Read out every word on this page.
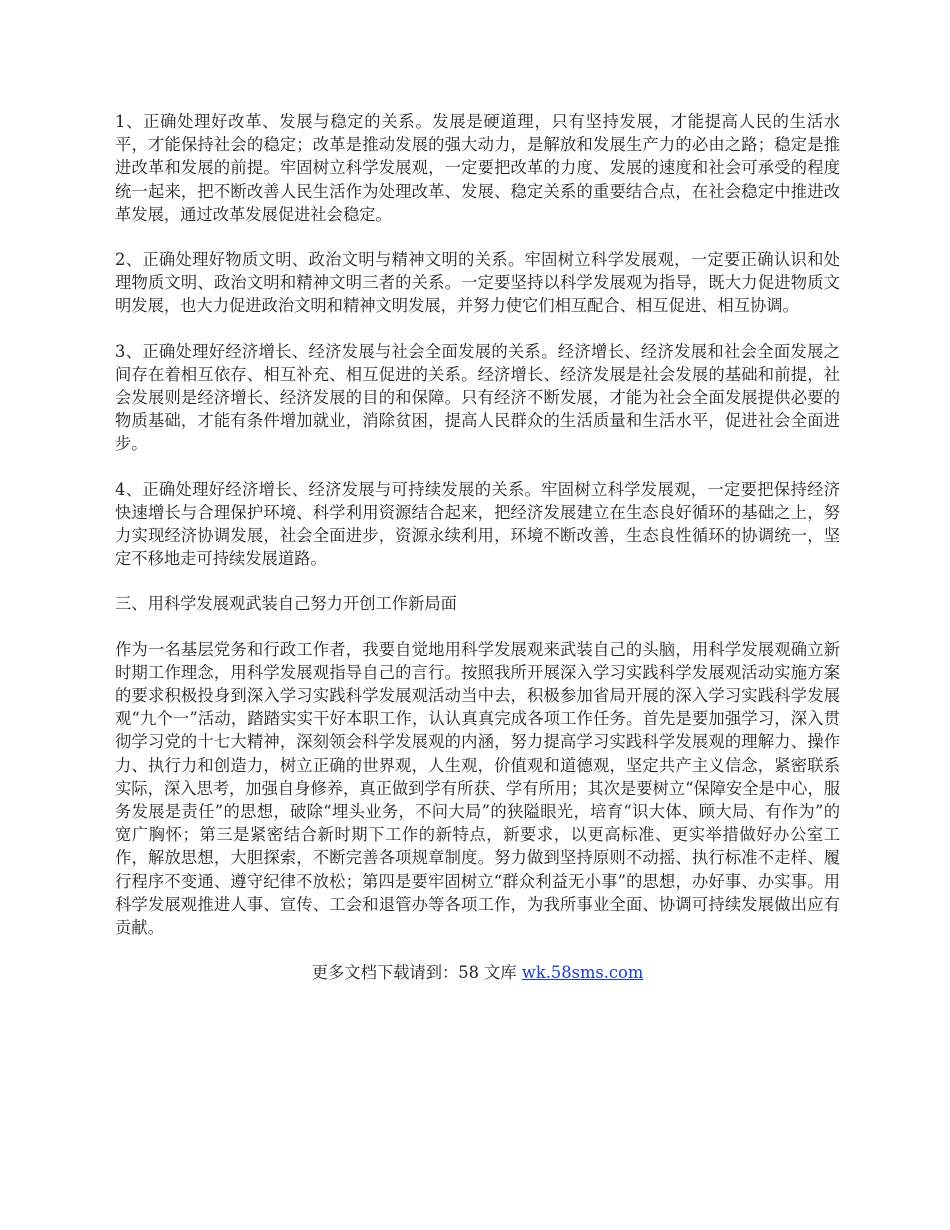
1、正确处理好改革、发展与稳定的关系。发展是硬道理，只有坚持发展，才能提高人民的生活水平，才能保持社会的稳定；改革是推动发展的强大动力，是解放和发展生产力的必由之路；稳定是推进改革和发展的前提。牢固树立科学发展观，一定要把改革的力度、发展的速度和社会可承受的程度统一起来，把不断改善人民生活作为处理改革、发展、稳定关系的重要结合点，在社会稳定中推进改革发展，通过改革发展促进社会稳定。

2、正确处理好物质文明、政治文明与精神文明的关系。牢固树立科学发展观，一定要正确认识和处理物质文明、政治文明和精神文明三者的关系。一定要坚持以科学发展观为指导，既大力促进物质文明发展，也大力促进政治文明和精神文明发展，并努力使它们相互配合、相互促进、相互协调。

3、正确处理好经济增长、经济发展与社会全面发展的关系。经济增长、经济发展和社会全面发展之间存在着相互依存、相互补充、相互促进的关系。经济增长、经济发展是社会发展的基础和前提，社会发展则是经济增长、经济发展的目的和保障。只有经济不断发展，才能为社会全面发展提供必要的物质基础，才能有条件增加就业，消除贫困，提高人民群众的生活质量和生活水平，促进社会全面进步。

4、正确处理好经济增长、经济发展与可持续发展的关系。牢固树立科学发展观，一定要把保持经济快速增长与合理保护环境、科学利用资源结合起来，把经济发展建立在生态良好循环的基础之上，努力实现经济协调发展，社会全面进步，资源永续利用，环境不断改善，生态良性循环的协调统一，坚定不移地走可持续发展道路。

三、用科学发展观武装自己努力开创工作新局面

作为一名基层党务和行政工作者，我要自觉地用科学发展观来武装自己的头脑，用科学发展观确立新时期工作理念，用科学发展观指导自己的言行。按照我所开展深入学习实践科学发展观活动实施方案的要求积极投身到深入学习实践科学发展观活动当中去，积极参加省局开展的深入学习实践科学发展观“九个一”活动，踏踏实实干好本职工作，认认真真完成各项工作任务。首先是要加强学习，深入贯彻学习党的十七大精神，深刻领会科学发展观的内涵，努力提高学习实践科学发展观的理解力、操作力、执行力和创造力，树立正确的世界观，人生观，价值观和道德观，坚定共产主义信念，紧密联系实际，深入思考，加强自身修养，真正做到学有所获、学有所用；其次是要树立“保障安全是中心，服务发展是责任”的思想，破除“埋头业务，不问大局”的狭隘眼光，培育“识大体、顾大局、有作为”的宽广胸怀；第三是紧密结合新时期下工作的新特点，新要求，以更高标准、更实举措做好办公室工作，解放思想，大胆探索，不断完善各项规章制度。努力做到坚持原则不动摇、执行标准不走样、履行程序不变通、遵守纪律不放松；第四是要牢固树立“群众利益无小事”的思想，办好事、办实事。用科学发展观推进人事、宣传、工会和退管办等各项工作，为我所事业全面、协调可持续发展做出应有贡献。

更多文档下载请到：58 文库 wk.58sms.com
